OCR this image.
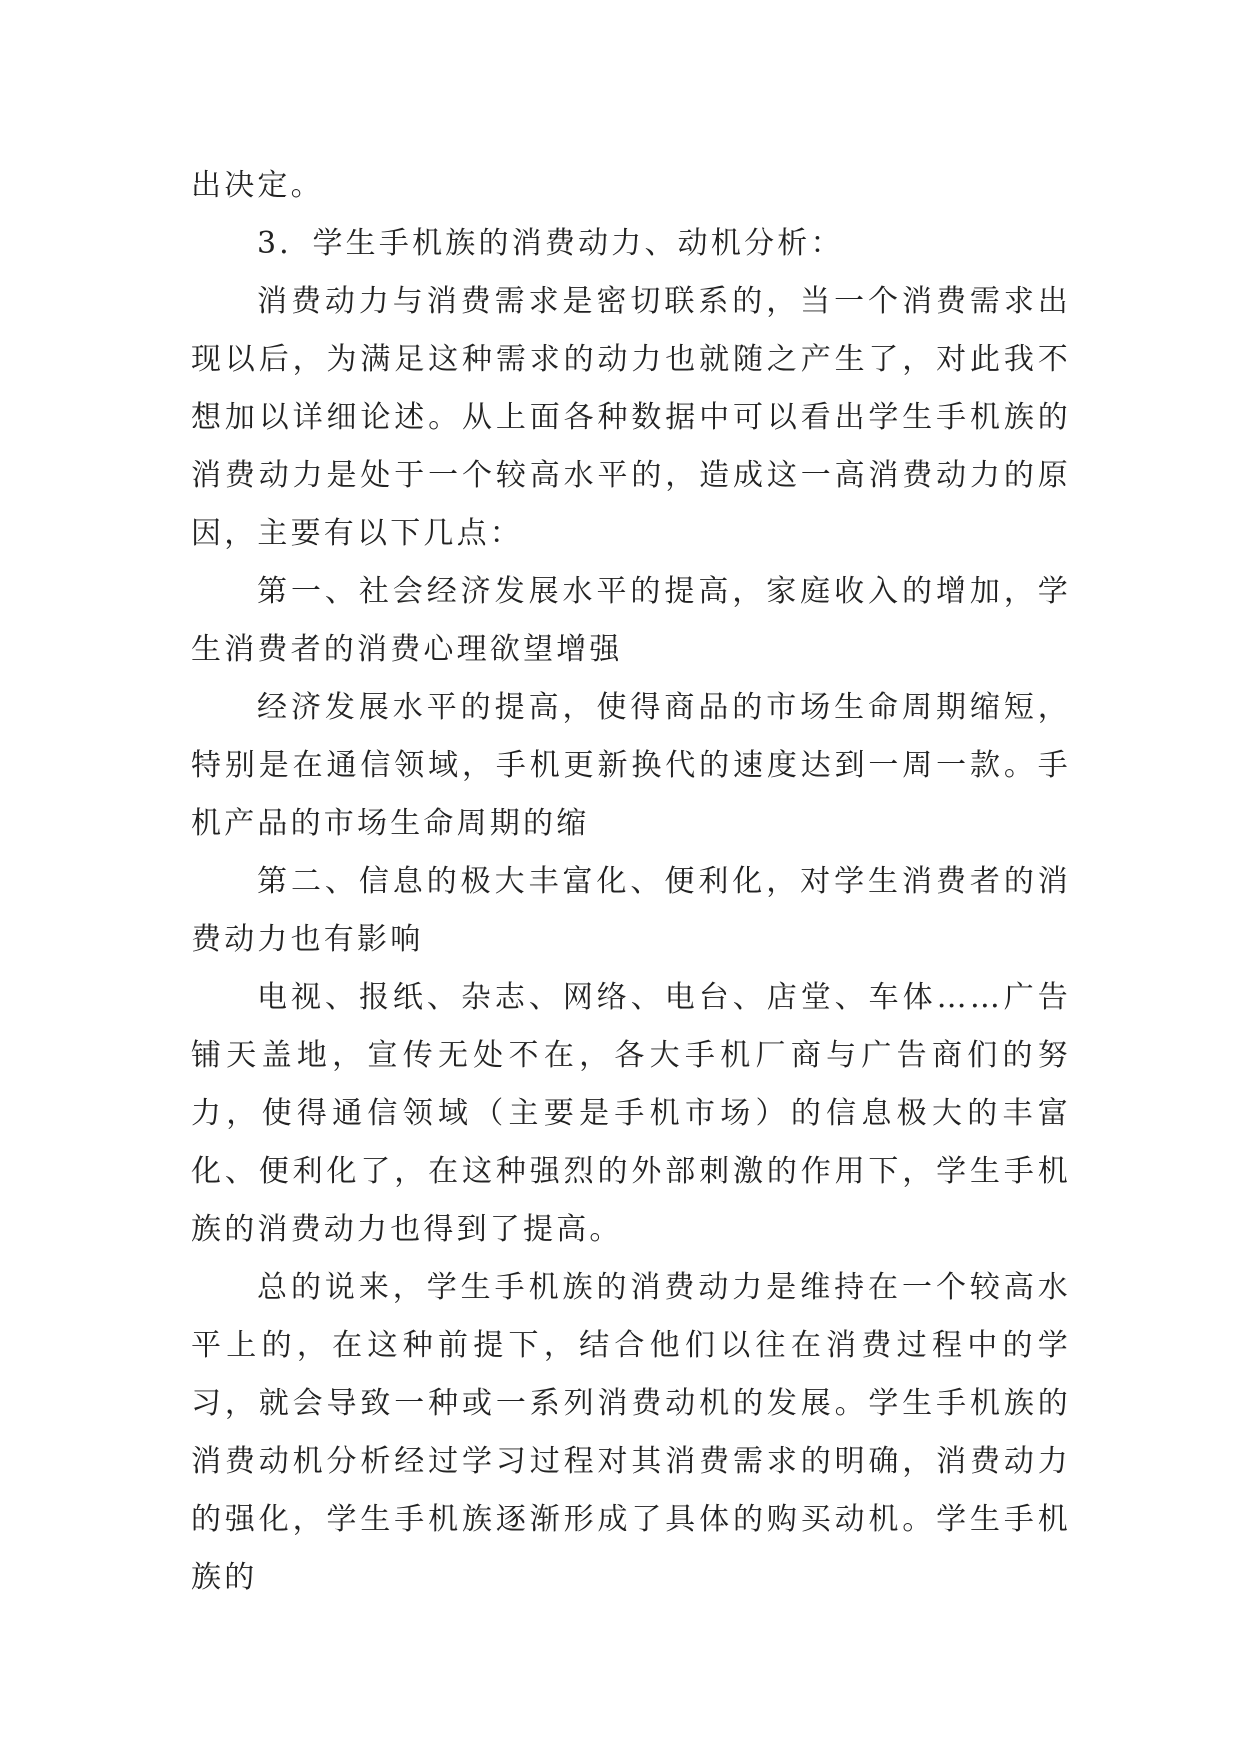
出决定。

3．学生手机族的消费动力、动机分析：

消费动力与消费需求是密切联系的，当一个消费需求出现以后，为满足这种需求的动力也就随之产生了，对此我不想加以详细论述。从上面各种数据中可以看出学生手机族的消费动力是处于一个较高水平的，造成这一高消费动力的原因，主要有以下几点：

第一、社会经济发展水平的提高，家庭收入的增加，学生消费者的消费心理欲望增强

经济发展水平的提高，使得商品的市场生命周期缩短，特别是在通信领域，手机更新换代的速度达到一周一款。手机产品的市场生命周期的缩

第二、信息的极大丰富化、便利化，对学生消费者的消费动力也有影响

电视、报纸、杂志、网络、电台、店堂、车体……广告铺天盖地，宣传无处不在，各大手机厂商与广告商们的努力，使得通信领域（主要是手机市场）的信息极大的丰富化、便利化了，在这种强烈的外部刺激的作用下，学生手机族的消费动力也得到了提高。

总的说来，学生手机族的消费动力是维持在一个较高水平上的，在这种前提下，结合他们以往在消费过程中的学习，就会导致一种或一系列消费动机的发展。学生手机族的消费动机分析经过学习过程对其消费需求的明确，消费动力的强化，学生手机族逐渐形成了具体的购买动机。学生手机族的
